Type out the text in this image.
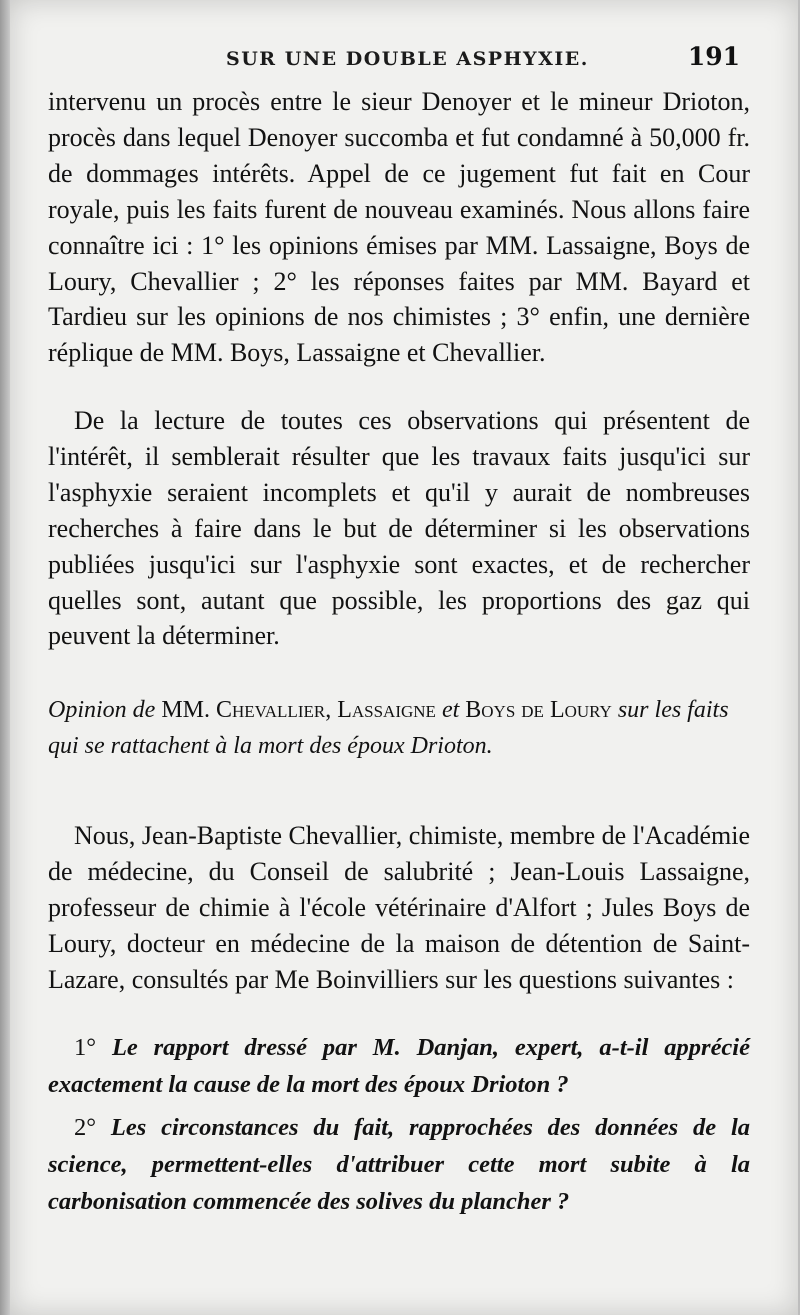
SUR UNE DOUBLE ASPHYXIE.	191

intervenu un procès entre le sieur Denoyer et le mineur Drioton, procès dans lequel Denoyer succomba et fut condamné à 50,000 fr. de dommages intérêts. Appel de ce jugement fut fait en Cour royale, puis les faits furent de nouveau examinés. Nous allons faire connaître ici : 1° les opinions émises par MM. Lassaigne, Boys de Loury, Chevallier ; 2° les réponses faites par MM. Bayard et Tardieu sur les opinions de nos chimistes ; 3° enfin, une dernière réplique de MM. Boys, Lassaigne et Chevallier.

De la lecture de toutes ces observations qui présentent de l'intérêt, il semblerait résulter que les travaux faits jusqu'ici sur l'asphyxie seraient incomplets et qu'il y aurait de nombreuses recherches à faire dans le but de déterminer si les observations publiées jusqu'ici sur l'asphyxie sont exactes, et de rechercher quelles sont, autant que possible, les proportions des gaz qui peuvent la déterminer.

Opinion de MM. Chevallier, Lassaigne et Boys de Loury sur les faits qui se rattachent à la mort des époux Drioton.

Nous, Jean-Baptiste Chevallier, chimiste, membre de l'Académie de médecine, du Conseil de salubrité ; Jean-Louis Lassaigne, professeur de chimie à l'école vétérinaire d'Alfort ; Jules Boys de Loury, docteur en médecine de la maison de détention de Saint-Lazare, consultés par Me Boinvilliers sur les questions suivantes :

1° Le rapport dressé par M. Danjan, expert, a-t-il apprécié exactement la cause de la mort des époux Drioton ?

2° Les circonstances du fait, rapprochées des données de la science, permettent-elles d'attribuer cette mort subite à la carbonisation commencée des solives du plancher ?
